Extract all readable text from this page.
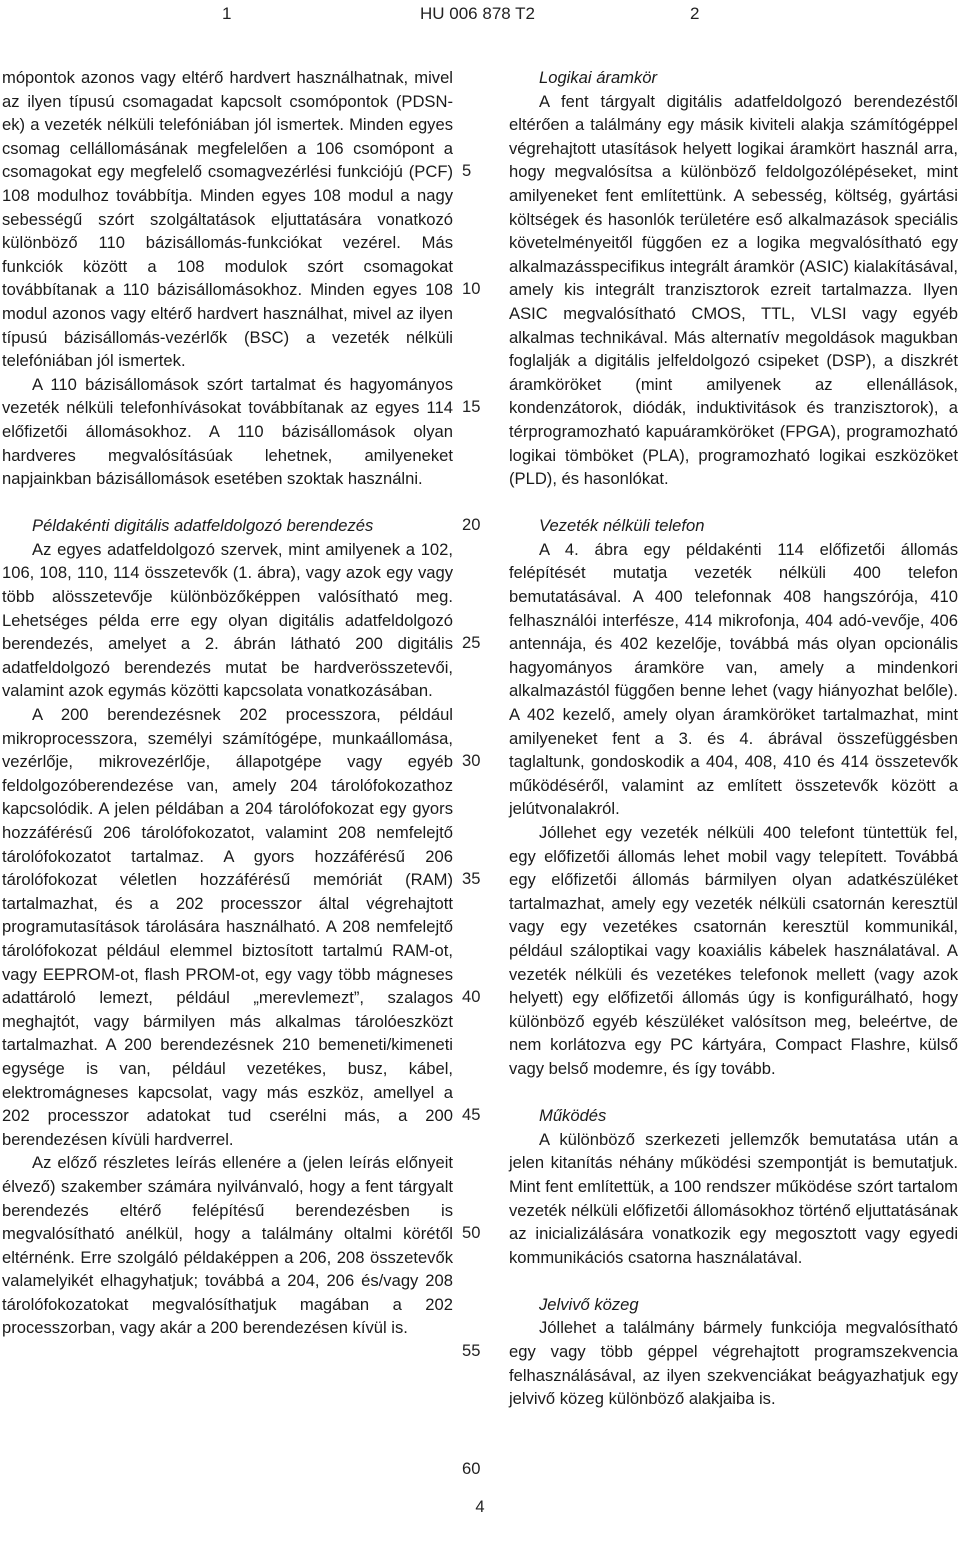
1	HU 006 878 T2	2

mópontok azonos vagy eltérő hardvert használhatnak, mivel az ilyen típusú csomagadat kapcsolt csomópontok (PDSN-ek) a vezeték nélküli telefóniában jól ismertek. Minden egyes csomag cellállomásának megfelelően a 106 csomópont a csomagokat egy megfelelő csomagvezérlési funkciójú (PCF) 108 modulhoz továbbítja. Minden egyes 108 modul a nagy sebességű szórt szolgáltatások eljuttatására vonatkozó különböző 110 bázisállomás-funkciókat vezérel. Más funkciók között a 108 modulok szórt csomagokat továbbítanak a 110 bázisállomásokhoz. Minden egyes 108 modul azonos vagy eltérő hardvert használhat, mivel az ilyen típusú bázisállomás-vezérlők (BSC) a vezeték nélküli telefóniában jól ismertek.

A 110 bázisállomások szórt tartalmat és hagyományos vezeték nélküli telefonhívásokat továbbítanak az egyes 114 előfizetői állomásokhoz. A 110 bázisállomások olyan hardveres megvalósításúak lehetnek, amilyeneket napjainkban bázisállomások esetében szoktak használni.

Példakénti digitális adatfeldolgozó berendezés

Az egyes adatfeldolgozó szervek, mint amilyenek a 102, 106, 108, 110, 114 összetevők (1. ábra), vagy azok egy vagy több alösszetevője különbözőképpen valósítható meg. Lehetséges példa erre egy olyan digitális adatfeldolgozó berendezés, amelyet a 2. ábrán látható 200 digitális adatfeldolgozó berendezés mutat be hardverösszetevői, valamint azok egymás közötti kapcsolata vonatkozásában.

A 200 berendezésnek 202 processzora, például mikroprocesszora, személyi számítógépe, munkaállomása, vezérlője, mikrovezérlője, állapotgépe vagy egyéb feldolgozóberendezése van, amely 204 tárolófokozathoz kapcsolódik. A jelen példában a 204 tárolófokozat egy gyors hozzáférésű 206 tárolófokozatot, valamint 208 nemfelejtő tárolófokozatot tartalmaz. A gyors hozzáférésű 206 tárolófokozat véletlen hozzáférésű memóriát (RAM) tartalmazhat, és a 202 processzor által végrehajtott programutasítások tárolására használható. A 208 nemfelejtő tárolófokozat például elemmel biztosított tartalmú RAM-ot, vagy EEPROM-ot, flash PROM-ot, egy vagy több mágneses adattároló lemezt, például „merevlemezt”, szalagos meghajtót, vagy bármilyen más alkalmas tárolóeszközt tartalmazhat. A 200 berendezésnek 210 bemeneti/kimeneti egysége is van, például vezetékes, busz, kábel, elektromágneses kapcsolat, vagy más eszköz, amellyel a 202 processzor adatokat tud cserélni más, a 200 berendezésen kívüli hardverrel.

Az előző részletes leírás ellenére a (jelen leírás előnyeit élvező) szakember számára nyilvánvaló, hogy a fent tárgyalt berendezés eltérő felépítésű berendezésben is megvalósítható anélkül, hogy a találmány oltalmi körétől eltérnénk. Erre szolgáló példaképpen a 206, 208 összetevők valamelyikét elhagyhatjuk; továbbá a 204, 206 és/vagy 208 tárolófokozatokat megvalósíthatjuk magában a 202 processzorban, vagy akár a 200 berendezésen kívül is.

Logikai áramkör

A fent tárgyalt digitális adatfeldolgozó berendezéstől eltérően a találmány egy másik kiviteli alakja számítógéppel végrehajtott utasítások helyett logikai áramkört használ arra, hogy megvalósítsa a különböző feldolgozólépéseket, mint amilyeneket fent említettünk. A sebesség, költség, gyártási költségek és hasonlók területére eső alkalmazások speciális követelményeitől függően ez a logika megvalósítható egy alkalmazásspecifikus integrált áramkör (ASIC) kialakításával, amely kis integrált tranzisztorok ezreit tartalmazza. Ilyen ASIC megvalósítható CMOS, TTL, VLSI vagy egyéb alkalmas technikával. Más alternatív megoldások magukban foglalják a digitális jelfeldolgozó csipeket (DSP), a diszkrét áramköröket (mint amilyenek az ellenállások, kondenzátorok, diódák, induktivitások és tranzisztorok), a térprogramozható kapuáramköröket (FPGA), programozható logikai tömböket (PLA), programozható logikai eszközöket (PLD), és hasonlókat.

Vezeték nélküli telefon

A 4. ábra egy példakénti 114 előfizetői állomás felépítését mutatja vezeték nélküli 400 telefon bemutatásával. A 400 telefonnak 408 hangszórója, 410 felhasználói interfésze, 414 mikrofonja, 404 adó-vevője, 406 antennája, és 402 kezelője, továbbá más olyan opcionális hagyományos áramköre van, amely a mindenkori alkalmazástól függően benne lehet (vagy hiányozhat belőle). A 402 kezelő, amely olyan áramköröket tartalmazhat, mint amilyeneket fent a 3. és 4. ábrával összefüggésben taglaltunk, gondoskodik a 404, 408, 410 és 414 összetevők működéséről, valamint az említett összetevők között a jelútvonalakról.

Jóllehet egy vezeték nélküli 400 telefont tüntettük fel, egy előfizetői állomás lehet mobil vagy telepített. Továbbá egy előfizetői állomás bármilyen olyan adatkészüléket tartalmazhat, amely egy vezeték nélküli csatornán keresztül vagy egy vezetékes csatornán keresztül kommunikál, például száloptikai vagy koaxiális kábelek használatával. A vezeték nélküli és vezetékes telefonok mellett (vagy azok helyett) egy előfizetői állomás úgy is konfigurálható, hogy különböző egyéb készüléket valósítson meg, beleértve, de nem korlátozva egy PC kártyára, Compact Flashre, külső vagy belső modemre, és így tovább.

Működés

A különböző szerkezeti jellemzők bemutatása után a jelen kitanítás néhány működési szempontját is bemutatjuk. Mint fent említettük, a 100 rendszer működése szórt tartalom vezeték nélküli előfizetői állomásokhoz történő eljuttatásának az inicializálására vonatkozik egy megosztott vagy egyedi kommunikációs csatorna használatával.

Jelvivő közeg

Jóllehet a találmány bármely funkciója megvalósítható egy vagy több géppel végrehajtott programszekvencia felhasználásával, az ilyen szekvenciákat beágyazhatjuk egy jelvivő közeg különböző alakjaiba is.

5
10
15
20
25
30
35
40
45
50
55
60
4
